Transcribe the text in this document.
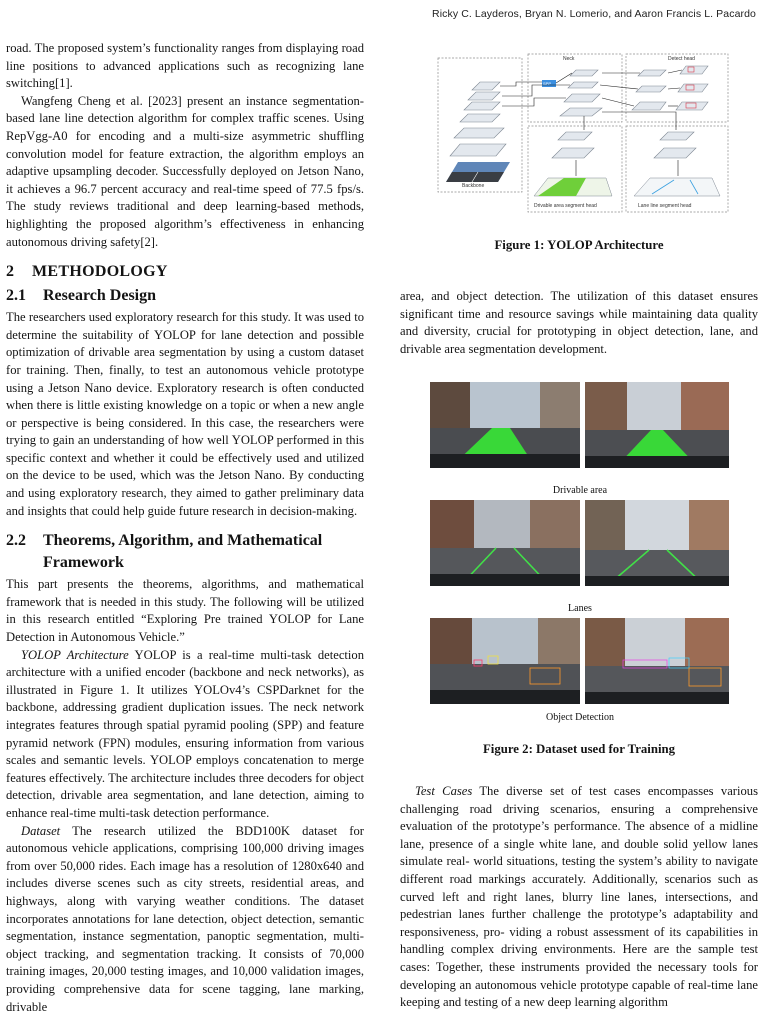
Ricky C. Layderos, Bryan N. Lomerio, and Aaron Francis L. Pacardo

road. The proposed system’s functionality ranges from displaying road line positions to advanced applications such as recognizing lane switching[1].

Wangfeng Cheng et al. [2023] present an instance segmentation-based lane line detection algorithm for complex traffic scenes. Using RepVgg-A0 for encoding and a multi-size asymmetric shuffling convolution model for feature extraction, the algorithm employs an adaptive upsampling decoder. Successfully deployed on Jetson Nano, it achieves a 96.7 percent accuracy and real-time speed of 77.5 fps/s. The study reviews traditional and deep learning-based methods, highlighting the proposed algorithm’s effectiveness in enhancing autonomous driving safety[2].

2	METHODOLOGY
2.1	Research Design

The researchers used exploratory research for this study. It was used to determine the suitability of YOLOP for lane detection and possible optimization of drivable area segmentation by using a custom dataset for training. Then, finally, to test an autonomous vehicle prototype using a Jetson Nano device. Exploratory research is often conducted when there is little existing knowledge on a topic or when a new angle or perspective is being considered. In this case, the researchers were trying to gain an understanding of how well YOLOP performed in this specific context and whether it could be effectively used and utilized on the device to be used, which was the Jetson Nano. By conducting and using exploratory research, they aimed to gather preliminary data and insights that could help guide future research in decision-making.

2.2	Theorems, Algorithm, and Mathematical Framework

This part presents the theorems, algorithms, and mathematical framework that is needed in this study. The following will be utilized in this research entitled “Exploring Pre trained YOLOP for Lane Detection in Autonomous Vehicle.”

YOLOP Architecture YOLOP is a real-time multi-task detection architecture with a unified encoder (backbone and neck networks), as illustrated in Figure 1. It utilizes YOLOv4’s CSPDarknet for the backbone, addressing gradient duplication issues. The neck network integrates features through spatial pyramid pooling (SPP) and feature pyramid network (FPN) modules, ensuring information from various scales and semantic levels. YOLOP employs concatenation to merge features effectively. The architecture includes three decoders for object detection, drivable area segmentation, and lane detection, aiming to enhance real-time multi-task detection performance.

Dataset The research utilized the BDD100K dataset for autonomous vehicle applications, comprising 100,000 driving images from over 50,000 rides. Each image has a resolution of 1280x640 and includes diverse scenes such as city streets, residential areas, and highways, along with varying weather conditions. The dataset incorporates annotations for lane detection, object detection, semantic segmentation, instance segmentation, panoptic segmentation, multi-object tracking, and segmentation tracking. It consists of 70,000 training images, 20,000 testing images, and 10,000 validation images, providing comprehensive data for scene tagging, lane marking, drivable

Neck	Detect head
SPP
Backbone
Drivable area segment head	Lane line segment head
Figure 1: YOLOP Architecture

area, and object detection. The utilization of this dataset ensures significant time and resource savings while maintaining data quality and diversity, crucial for prototyping in object detection, lane, and drivable area segmentation development.

Drivable area
Lanes
Object Detection
Figure 2: Dataset used for Training

Test Cases The diverse set of test cases encompasses various challenging road driving scenarios, ensuring a comprehensive evaluation of the prototype’s performance. The absence of a midline lane, presence of a single white lane, and double solid yellow lanes simulate real- world situations, testing the system’s ability to navigate different road markings accurately. Additionally, scenarios such as curved left and right lanes, blurry line lanes, intersections, and pedestrian lanes further challenge the prototype’s adaptability and responsiveness, pro- viding a robust assessment of its capabilities in handling complex driving environments. Here are the sample test cases: Together, these instruments provided the necessary tools for developing an autonomous vehicle prototype capable of real-time lane keeping and testing of a new deep learning algorithm
